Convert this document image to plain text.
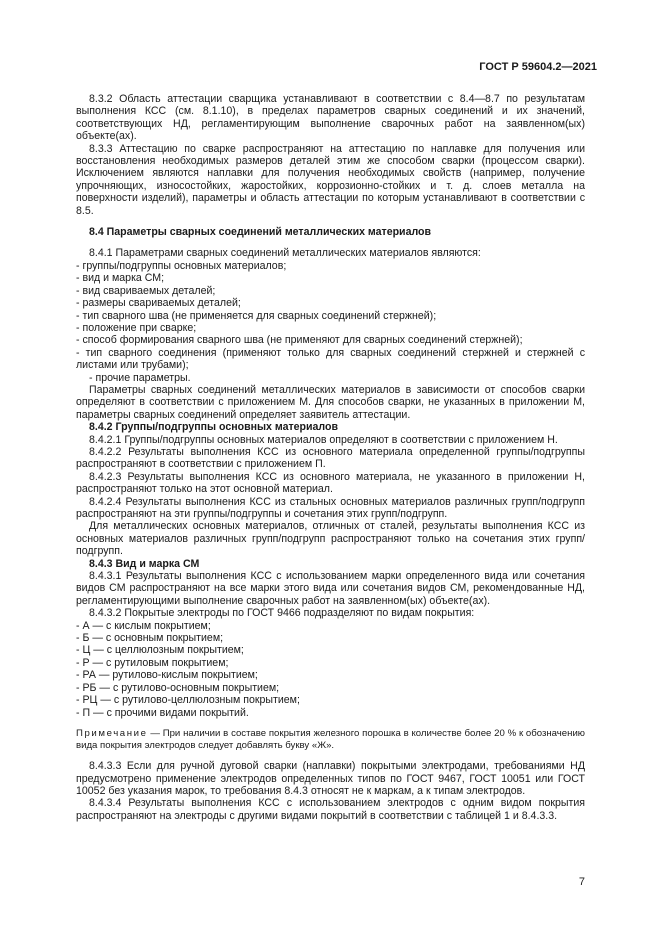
ГОСТ Р 59604.2—2021

8.3.2 Область аттестации сварщика устанавливают в соответствии с 8.4—8.7 по результатам выполнения КСС (см. 8.1.10), в пределах параметров сварных соединений и их значений, соответствующих НД, регламентирующим выполнение сварочных работ на заявленном(ых) объекте(ах).

8.3.3 Аттестацию по сварке распространяют на аттестацию по наплавке для получения или восстановления необходимых размеров деталей этим же способом сварки (процессом сварки). Исключением являются наплавки для получения необходимых свойств (например, получение упрочняющих, износостойких, жаростойких, коррозионно-стойких и т. д. слоев металла на поверхности изделий), параметры и область аттестации по которым устанавливают в соответствии с 8.5.

8.4 Параметры сварных соединений металлических материалов

8.4.1 Параметрами сварных соединений металлических материалов являются:

- группы/подгруппы основных материалов;

- вид и марка СМ;

- вид свариваемых деталей;

- размеры свариваемых деталей;

- тип сварного шва (не применяется для сварных соединений стержней);

- положение при сварке;

- способ формирования сварного шва (не применяют для сварных соединений стержней);

- тип сварного соединения (применяют только для сварных соединений стержней и стержней с листами или трубами);

- прочие параметры.

Параметры сварных соединений металлических материалов в зависимости от способов сварки определяют в соответствии с приложением М. Для способов сварки, не указанных в приложении М, параметры сварных соединений определяет заявитель аттестации.

8.4.2 Группы/подгруппы основных материалов

8.4.2.1 Группы/подгруппы основных материалов определяют в соответствии с приложением Н.

8.4.2.2 Результаты выполнения КСС из основного материала определенной группы/подгруппы распространяют в соответствии с приложением П.

8.4.2.3 Результаты выполнения КСС из основного материала, не указанного в приложении Н, распространяют только на этот основной материал.

8.4.2.4 Результаты выполнения КСС из стальных основных материалов различных групп/подгрупп распространяют на эти группы/подгруппы и сочетания этих групп/подгрупп.

Для металлических основных материалов, отличных от сталей, результаты выполнения КСС из основных материалов различных групп/подгрупп распространяют только на сочетания этих групп/подгрупп.

8.4.3 Вид и марка СМ

8.4.3.1 Результаты выполнения КСС с использованием марки определенного вида или сочетания видов СМ распространяют на все марки этого вида или сочетания видов СМ, рекомендованные НД, регламентирующими выполнение сварочных работ на заявленном(ых) объекте(ах).

8.4.3.2 Покрытые электроды по ГОСТ 9466 подразделяют по видам покрытия:

- А — с кислым покрытием;

- Б — с основным покрытием;

- Ц — с целлюлозным покрытием;

- Р — с рутиловым покрытием;

- РА — рутилово-кислым покрытием;

- РБ — с рутилово-основным покрытием;

- РЦ — с рутилово-целлюлозным покрытием;

- П — с прочими видами покрытий.

Примечание — При наличии в составе покрытия железного порошка в количестве более 20 % к обозначению вида покрытия электродов следует добавлять букву «Ж».

8.4.3.3 Если для ручной дуговой сварки (наплавки) покрытыми электродами, требованиями НД предусмотрено применение электродов определенных типов по ГОСТ 9467, ГОСТ 10051 или ГОСТ 10052 без указания марок, то требования 8.4.3 относят не к маркам, а к типам электродов.

8.4.3.4 Результаты выполнения КСС с использованием электродов с одним видом покрытия распространяют на электроды с другими видами покрытий в соответствии с таблицей 1 и 8.4.3.3.

7
